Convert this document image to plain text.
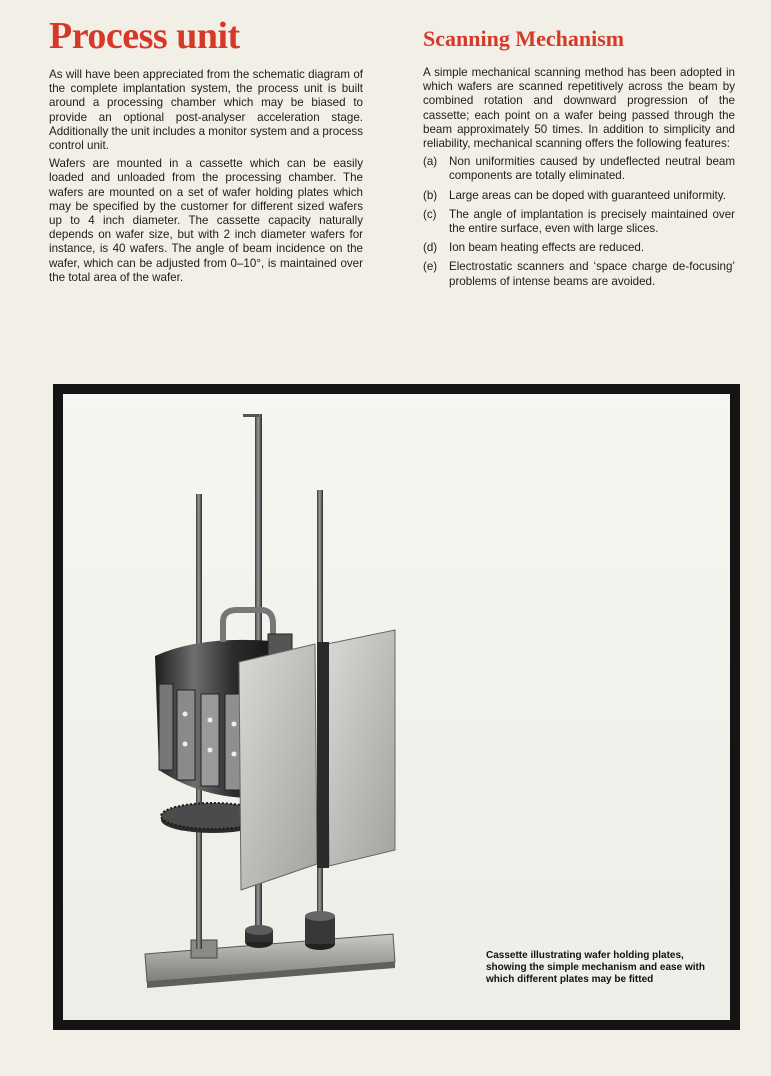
Process unit	Scanning Mechanism

As will have been appreciated from the schematic diagram of the complete implantation system, the process unit is built around a processing chamber which may be biased to provide an optional post-analyser acceleration stage. Additionally the unit includes a monitor system and a process control unit.

Wafers are mounted in a cassette which can be easily loaded and unloaded from the processing chamber. The wafers are mounted on a set of wafer holding plates which may be specified by the customer for different sized wafers up to 4 inch diameter. The cassette capacity naturally depends on wafer size, but with 2 inch diameter wafers for instance, is 40 wafers. The angle of beam incidence on the wafer, which can be adjusted from 0–10°, is maintained over the total area of the wafer.

A simple mechanical scanning method has been adopted in which wafers are scanned repetitively across the beam by combined rotation and downward progression of the cassette; each point on a wafer being passed through the beam approximately 50 times. In addition to simplicity and reliability, mechanical scanning offers the following features:

(a)	Non uniformities caused by undeflected neutral beam components are totally eliminated.
(b)	Large areas can be doped with guaranteed uniformity.
(c)	The angle of implantation is precisely maintained over the entire surface, even with large slices.
(d)	Ion beam heating effects are reduced.
(e)	Electrostatic scanners and ‘space charge de-focusing’ problems of intense beams are avoided.

Cassette illustrating wafer holding plates, showing the simple mechanism and ease with which different plates may be fitted
